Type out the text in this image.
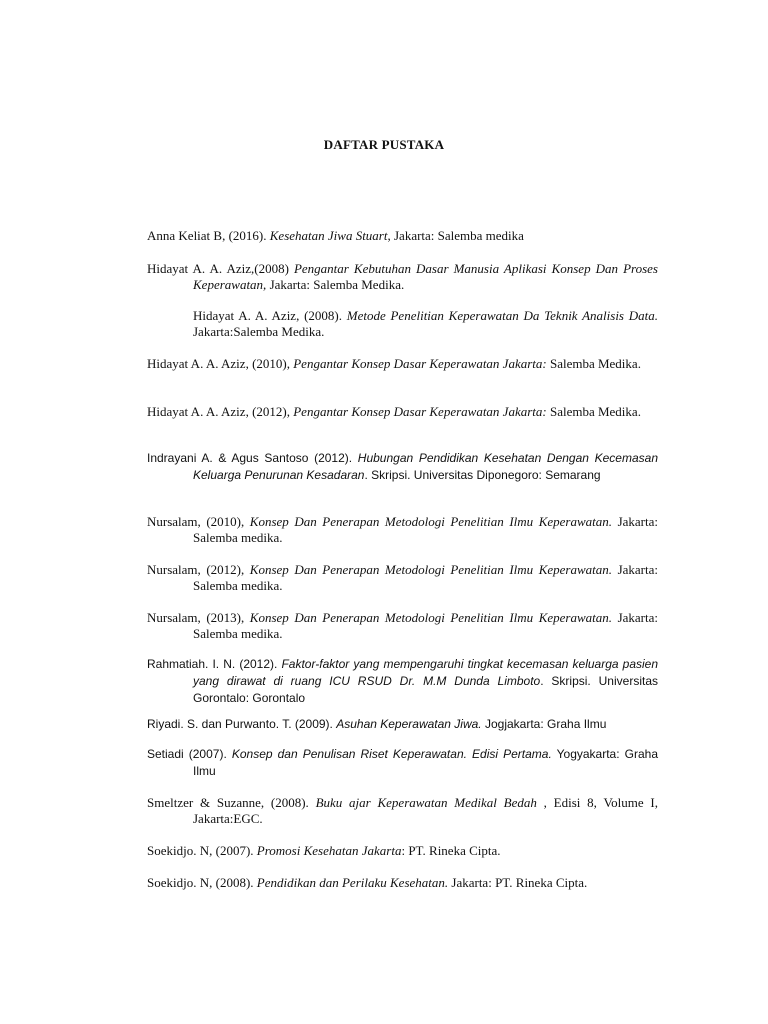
DAFTAR PUSTAKA
Anna Keliat B, (2016). Kesehatan Jiwa Stuart, Jakarta: Salemba medika
Hidayat A. A. Aziz,(2008) Pengantar Kebutuhan Dasar Manusia Aplikasi Konsep Dan Proses Keperawatan, Jakarta: Salemba Medika.
Hidayat A. A. Aziz, (2008). Metode Penelitian Keperawatan Da Teknik Analisis Data. Jakarta:Salemba Medika.
Hidayat A. A. Aziz, (2010), Pengantar Konsep Dasar Keperawatan Jakarta: Salemba Medika.
Hidayat A. A. Aziz, (2012), Pengantar Konsep Dasar Keperawatan Jakarta: Salemba Medika.
Indrayani A. & Agus Santoso (2012). Hubungan Pendidikan Kesehatan Dengan Kecemasan Keluarga Penurunan Kesadaran. Skripsi. Universitas Diponegoro: Semarang
Nursalam, (2010), Konsep Dan Penerapan Metodologi Penelitian Ilmu Keperawatan. Jakarta: Salemba medika.
Nursalam, (2012), Konsep Dan Penerapan Metodologi Penelitian Ilmu Keperawatan. Jakarta: Salemba medika.
Nursalam, (2013), Konsep Dan Penerapan Metodologi Penelitian Ilmu Keperawatan. Jakarta: Salemba medika.
Rahmatiah. I. N. (2012). Faktor-faktor yang mempengaruhi tingkat kecemasan keluarga pasien yang dirawat di ruang ICU RSUD Dr. M.M Dunda Limboto. Skripsi. Universitas Gorontalo: Gorontalo
Riyadi. S. dan Purwanto. T. (2009). Asuhan Keperawatan Jiwa. Jogjakarta: Graha Ilmu
Setiadi (2007). Konsep dan Penulisan Riset Keperawatan. Edisi Pertama. Yogyakarta: Graha Ilmu
Smeltzer & Suzanne, (2008). Buku ajar Keperawatan Medikal Bedah , Edisi 8, Volume I, Jakarta:EGC.
Soekidjo. N, (2007). Promosi Kesehatan Jakarta: PT. Rineka Cipta.
Soekidjo. N, (2008). Pendidikan dan Perilaku Kesehatan. Jakarta: PT. Rineka Cipta.
